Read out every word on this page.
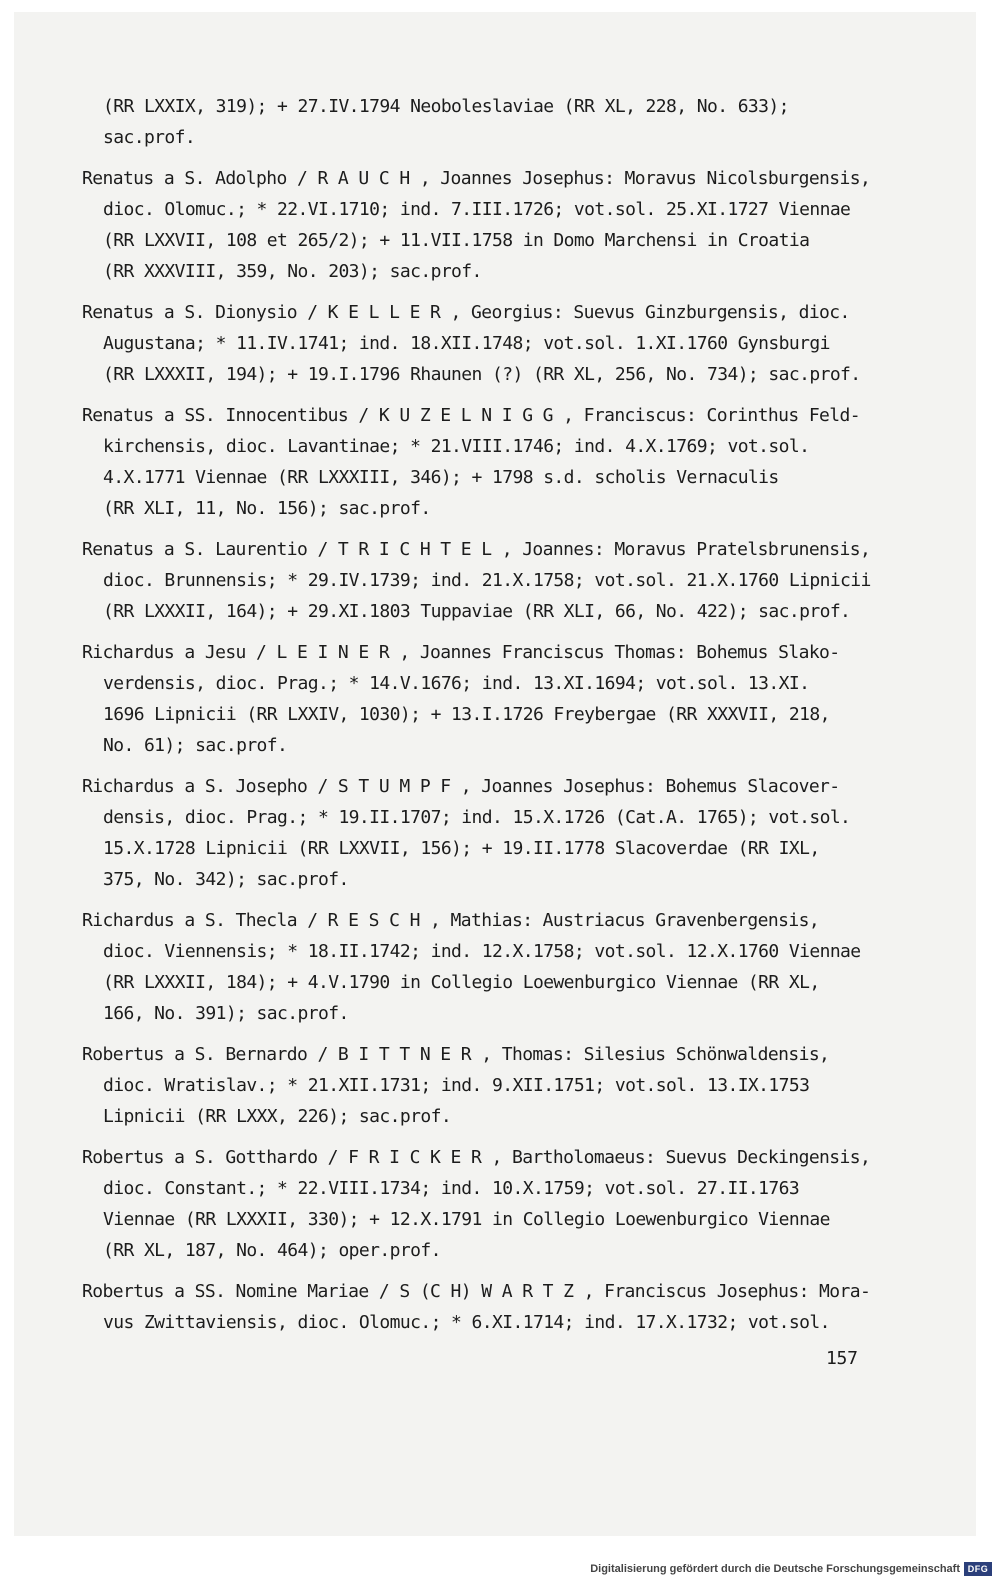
(RR LXXIX, 319); + 27.IV.1794 Neoboleslaviae (RR XL, 228, No. 633);
sac.prof.
Renatus a S. Adolpho / R A U C H , Joannes Josephus: Moravus Nicolsburgensis,
dioc. Olomuc.; * 22.VI.1710; ind. 7.III.1726; vot.sol. 25.XI.1727 Viennae
(RR LXXVII, 108 et 265/2); + 11.VII.1758 in Domo Marchensi in Croatia
(RR XXXVIII, 359, No. 203); sac.prof.
Renatus a S. Dionysio / K E L L E R , Georgius: Suevus Ginzburgensis, dioc.
Augustana; * 11.IV.1741; ind. 18.XII.1748; vot.sol. 1.XI.1760 Gynsburgi
(RR LXXXII, 194); + 19.I.1796 Rhaunen (?) (RR XL, 256, No. 734); sac.prof.
Renatus a SS. Innocentibus / K U Z E L N I G G , Franciscus: Corinthus Feld-
kirchensis, dioc. Lavantinae; * 21.VIII.1746; ind. 4.X.1769; vot.sol.
4.X.1771 Viennae (RR LXXXIII, 346); + 1798 s.d. scholis Vernaculis
(RR XLI, 11, No. 156); sac.prof.
Renatus a S. Laurentio / T R I C H T E L , Joannes: Moravus Pratelsbrunensis,
dioc. Brunnensis; * 29.IV.1739; ind. 21.X.1758; vot.sol. 21.X.1760 Lipnicii
(RR LXXXII, 164); + 29.XI.1803 Tuppaviae (RR XLI, 66, No. 422); sac.prof.
Richardus a Jesu / L E I N E R , Joannes Franciscus Thomas: Bohemus Slako-
verdensis, dioc. Prag.; * 14.V.1676; ind. 13.XI.1694; vot.sol. 13.XI.
1696 Lipnicii (RR LXXIV, 1030); + 13.I.1726 Freybergae (RR XXXVII, 218,
No. 61); sac.prof.
Richardus a S. Josepho / S T U M P F , Joannes Josephus: Bohemus Slacover-
densis, dioc. Prag.; * 19.II.1707; ind. 15.X.1726 (Cat.A. 1765); vot.sol.
15.X.1728 Lipnicii (RR LXXVII, 156); + 19.II.1778 Slacoverdae (RR IXL,
375, No. 342); sac.prof.
Richardus a S. Thecla / R E S C H , Mathias: Austriacus Gravenbergensis,
dioc. Viennensis; * 18.II.1742; ind. 12.X.1758; vot.sol. 12.X.1760 Viennae
(RR LXXXII, 184); + 4.V.1790 in Collegio Loewenburgico Viennae (RR XL,
166, No. 391); sac.prof.
Robertus a S. Bernardo / B I T T N E R , Thomas: Silesius Schönwaldensis,
dioc. Wratislav.; * 21.XII.1731; ind. 9.XII.1751; vot.sol. 13.IX.1753
Lipnicii (RR LXXX, 226); sac.prof.
Robertus a S. Gotthardo / F R I C K E R , Bartholomaeus: Suevus Deckingensis,
dioc. Constant.; * 22.VIII.1734; ind. 10.X.1759; vot.sol. 27.II.1763
Viennae (RR LXXXII, 330); + 12.X.1791 in Collegio Loewenburgico Viennae
(RR XL, 187, No. 464); oper.prof.
Robertus a SS. Nomine Mariae / S (C H) W A R T Z , Franciscus Josephus: Mora-
vus Zwittaviensis, dioc. Olomuc.; * 6.XI.1714; ind. 17.X.1732; vot.sol.
157
Digitalisierung gefördert durch die Deutsche Forschungsgemeinschaft DFG
